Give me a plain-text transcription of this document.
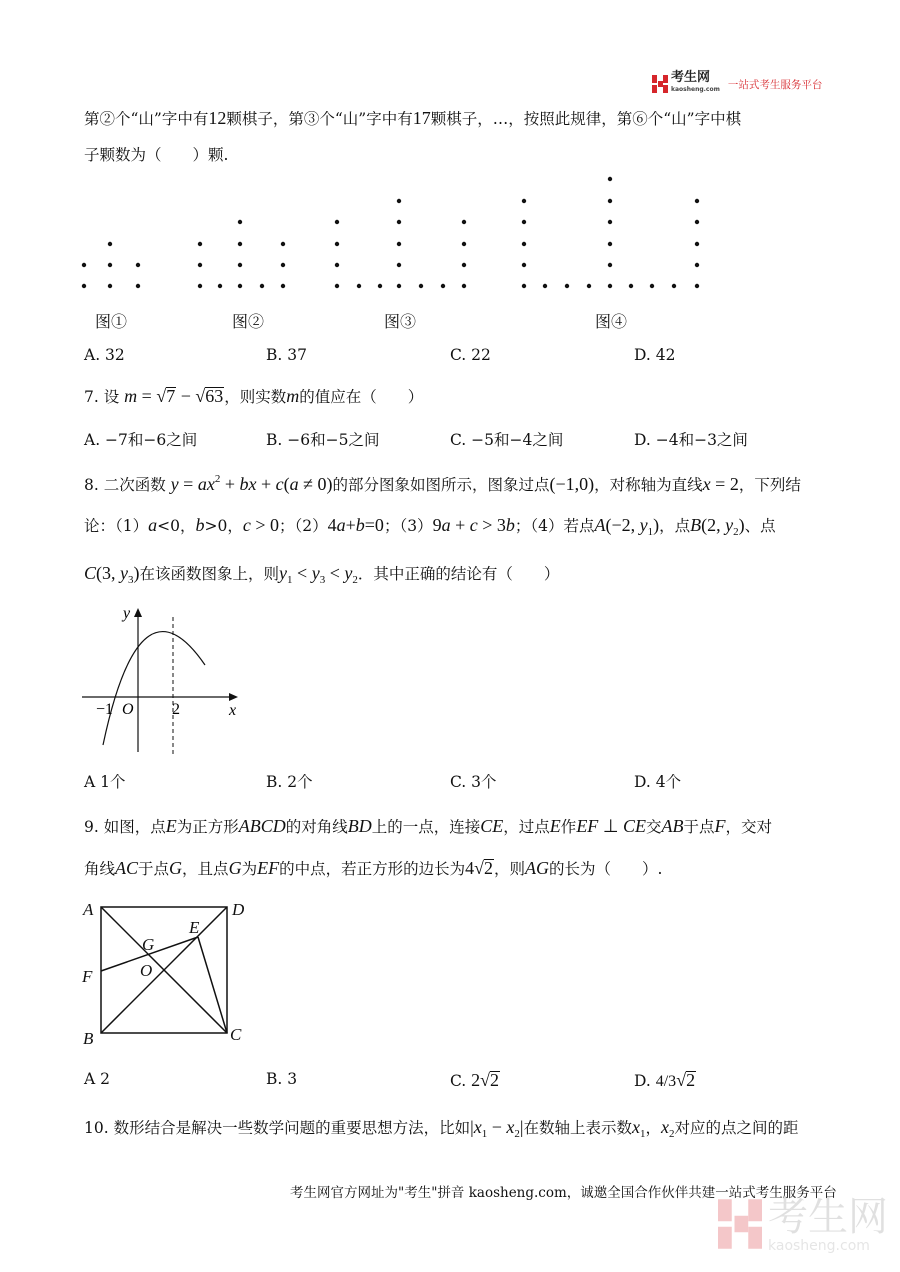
考生网
kaosheng.com 一站式考生服务平台
第②个“山”字中有12颗棋子，第③个“山”字中有17颗棋子，…，按照此规律，第⑥个“山”字中棋
子颗数为（　　）颗.
图①	图②	图③	图④
A. 32	B. 37	C. 22	D. 42
7. 设 m = √7 − √63，则实数m的值应在（　　）
A. −7和−6之间	B. −6和−5之间	C. −5和−4之间	D. −4和−3之间
8. 二次函数 $y = ax^2$ + bx + c(a ≠ 0)的部分图象如图所示，图象过点(−1,0)，对称轴为直线x = 2，下列结
论：（1）a<0，b>0，c > 0；（2）4a+b=0；（3）9a + c > 3b；（4）若点A(−2, $y_1$)，点B(2, $y_2$)、点
C(3, $y_3$)在该函数图象上，则$y_1 < y_3 < y_2$．其中正确的结论有（　　）
y
x
O
−1	2
A 1个	B. 2个	C. 3个	D. 4个
9. 如图，点E为正方形ABCD的对角线BD上的一点，连接CE，过点E作EF ⊥ CE交AB于点F，交对
角线AC于点G，且点G为EF的中点，若正方形的边长为4√2，则AG的长为（　　）.
A	D
B	C
E
F
G
O
A 2	B. 3	C. 2√2	D. 4/3√2
10. 数形结合是解决一些数学问题的重要思想方法，比如$|x_1 - x_2|$在数轴上表示数$x_1$，$x_2$对应的点之间的距
考生网官方网址为"考生"拼音 kaosheng.com，诚邀全国合作伙伴共建一站式考生服务平台
考生网
kaosheng.com
